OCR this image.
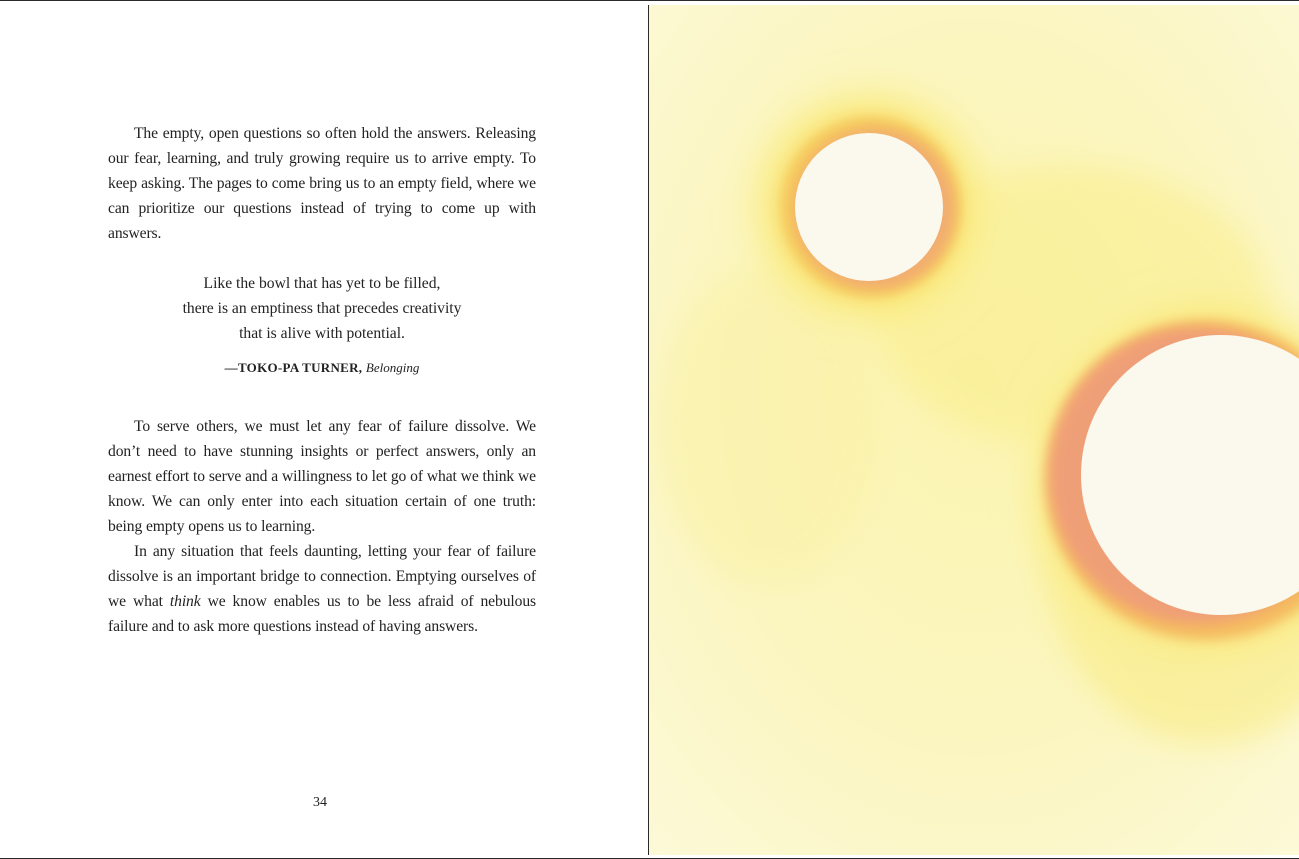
The empty, open questions so often hold the answers. Releasing our fear, learning, and truly growing require us to arrive empty. To keep asking. The pages to come bring us to an empty field, where we can prioritize our questions instead of trying to come up with answers.

Like the bowl that has yet to be filled,
there is an emptiness that precedes creativity
that is alive with potential.
—TOKO-PA TURNER, Belonging

To serve others, we must let any fear of failure dissolve. We don’t need to have stunning insights or perfect answers, only an earnest effort to serve and a willingness to let go of what we think we know. We can only enter into each situation certain of one truth: being empty opens us to learning.

In any situation that feels daunting, letting your fear of failure dissolve is an important bridge to connection. Emptying ourselves of we what think we know enables us to be less afraid of nebulous failure and to ask more questions instead of having answers.

34
